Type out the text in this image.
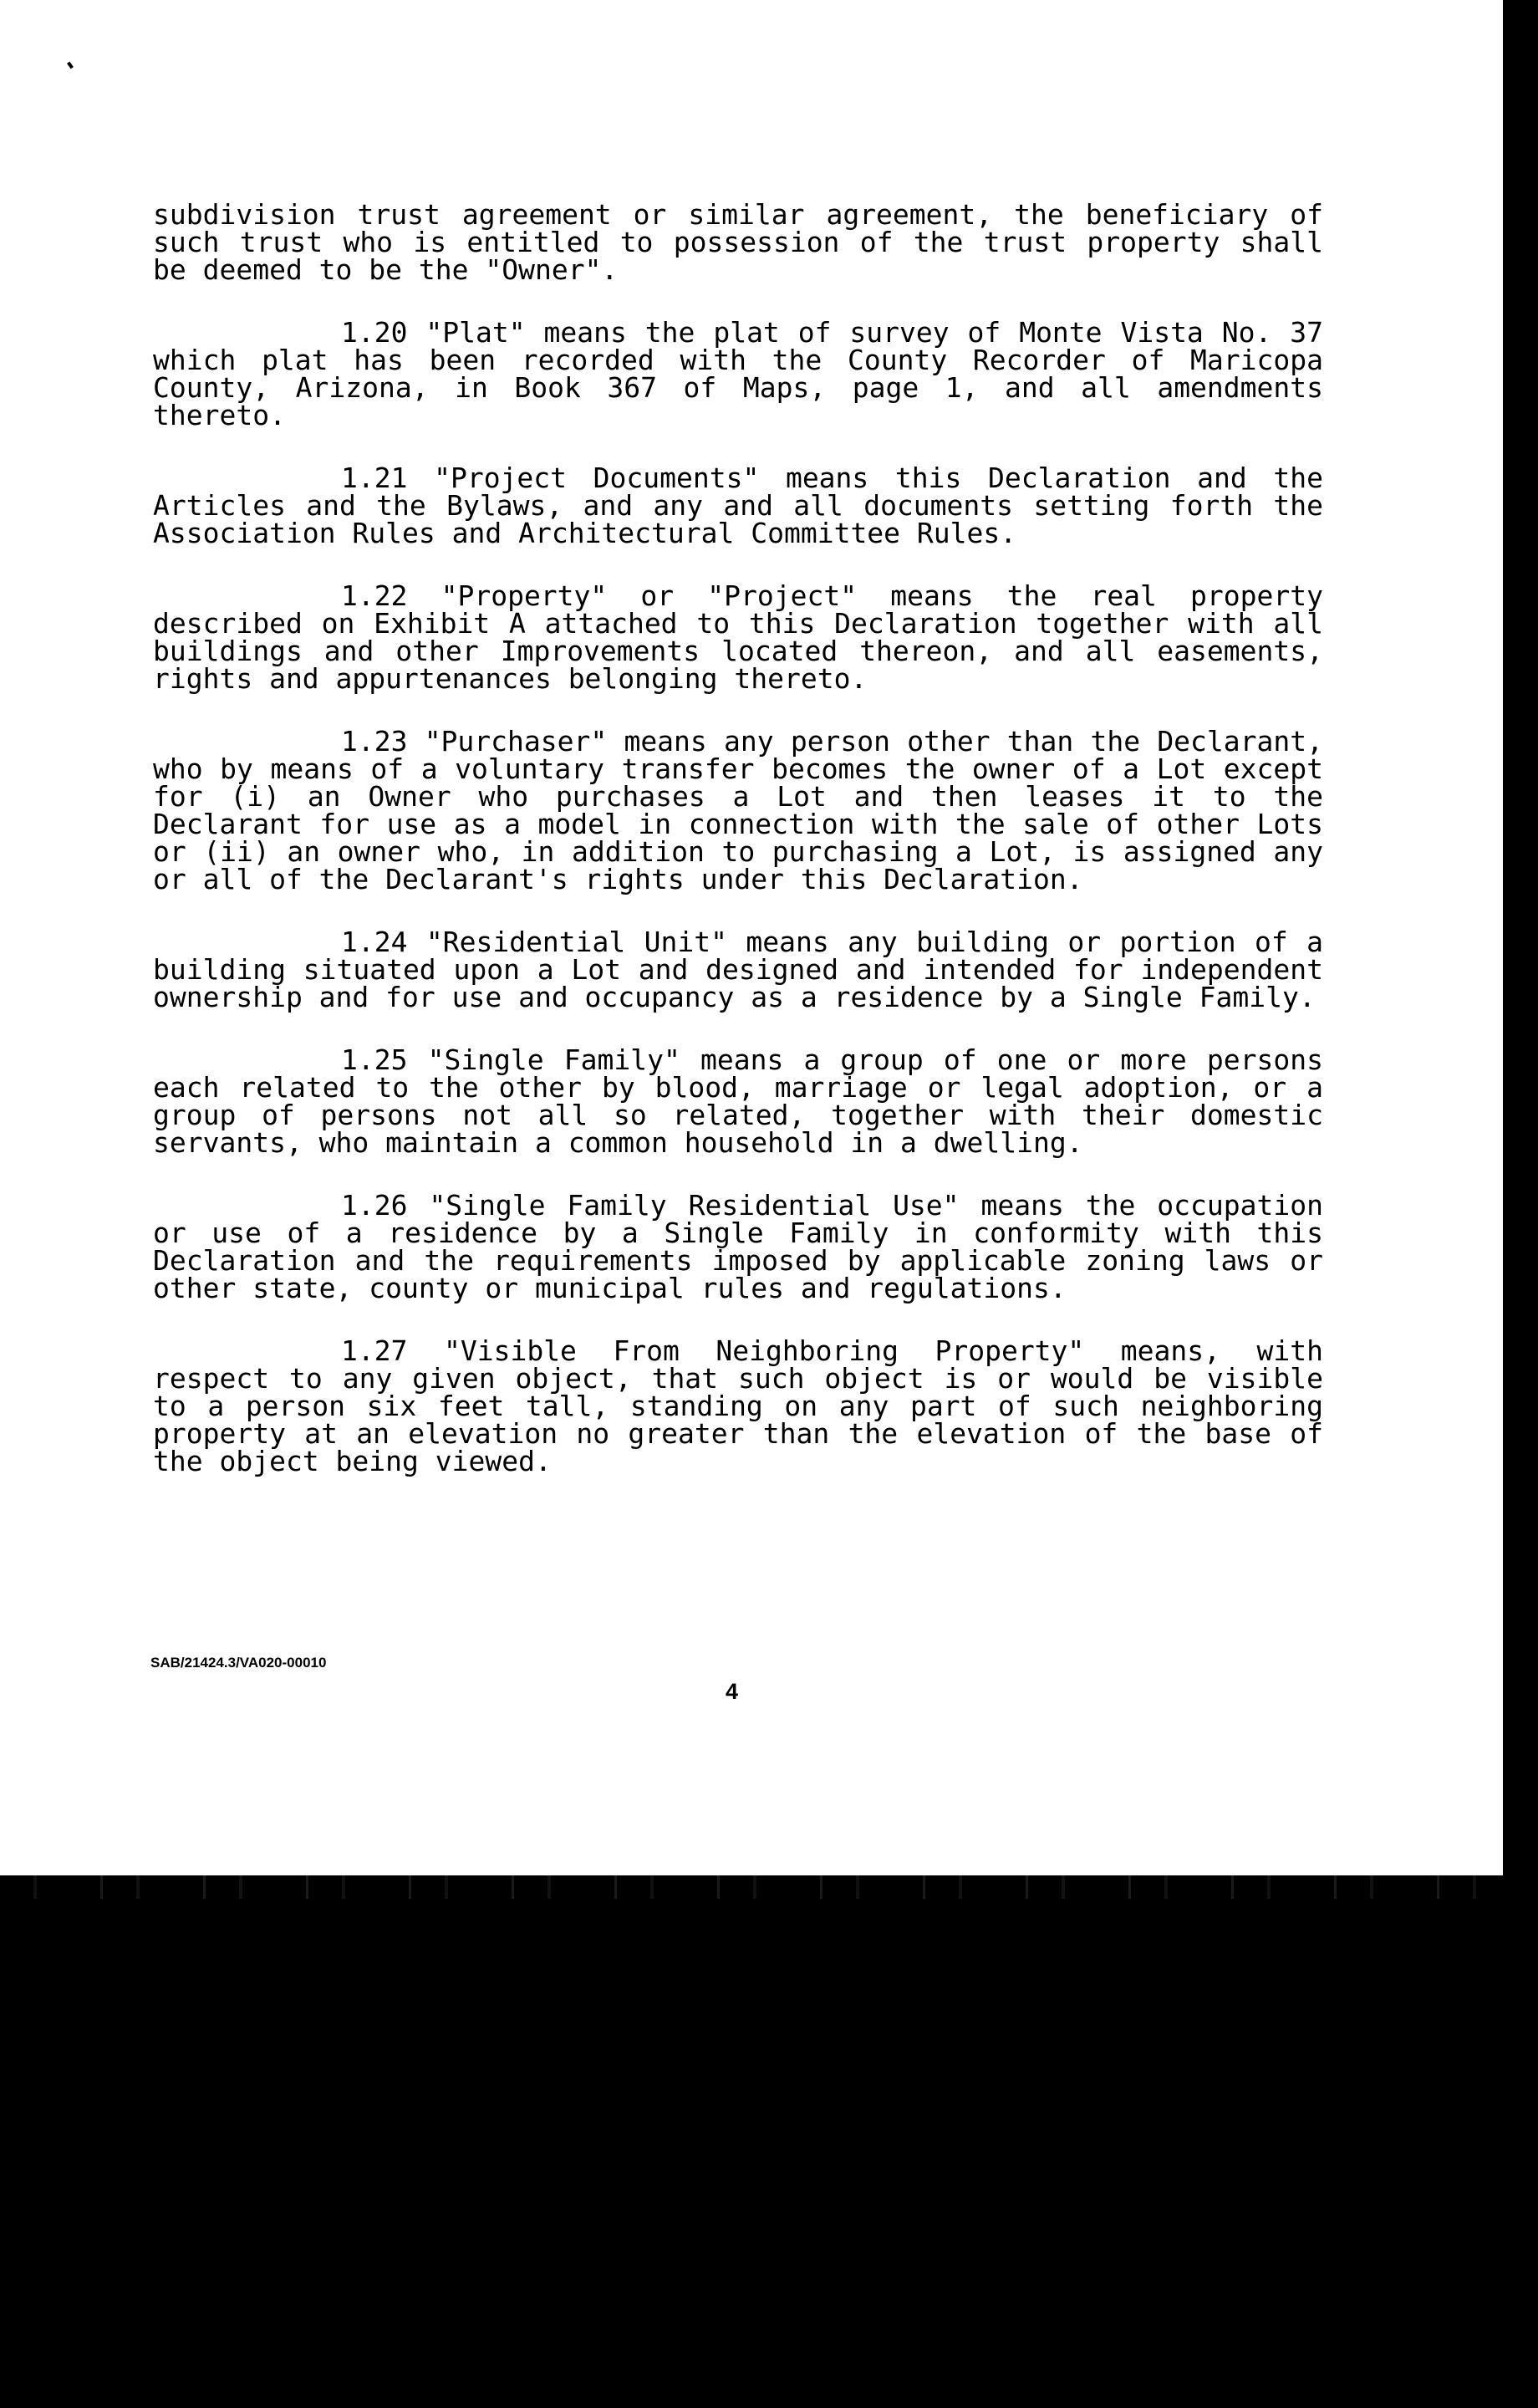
subdivision trust agreement or similar agreement, the beneficiary of such trust who is entitled to possession of the trust property shall be deemed to be the "Owner".

1.20 "Plat" means the plat of survey of Monte Vista No. 37 which plat has been recorded with the County Recorder of Maricopa County, Arizona, in Book 367 of Maps, page 1, and all amendments thereto.

1.21 "Project Documents" means this Declaration and the Articles and the Bylaws, and any and all documents setting forth the Association Rules and Architectural Committee Rules.

1.22 "Property" or "Project" means the real property described on Exhibit A attached to this Declaration together with all buildings and other Improvements located thereon, and all easements, rights and appurtenances belonging thereto.

1.23 "Purchaser" means any person other than the Declarant, who by means of a voluntary transfer becomes the owner of a Lot except for (i) an Owner who purchases a Lot and then leases it to the Declarant for use as a model in connection with the sale of other Lots or (ii) an owner who, in addition to purchasing a Lot, is assigned any or all of the Declarant's rights under this Declaration.

1.24 "Residential Unit" means any building or portion of a building situated upon a Lot and designed and intended for independent ownership and for use and occupancy as a residence by a Single Family.

1.25 "Single Family" means a group of one or more persons each related to the other by blood, marriage or legal adoption, or a group of persons not all so related, together with their domestic servants, who maintain a common household in a dwelling.

1.26 "Single Family Residential Use" means the occupation or use of a residence by a Single Family in conformity with this Declaration and the requirements imposed by applicable zoning laws or other state, county or municipal rules and regulations.

1.27 "Visible From Neighboring Property" means, with respect to any given object, that such object is or would be visible to a person six feet tall, standing on any part of such neighboring property at an elevation no greater than the elevation of the base of the object being viewed.

SAB/21424.3/VA020-00010
4
